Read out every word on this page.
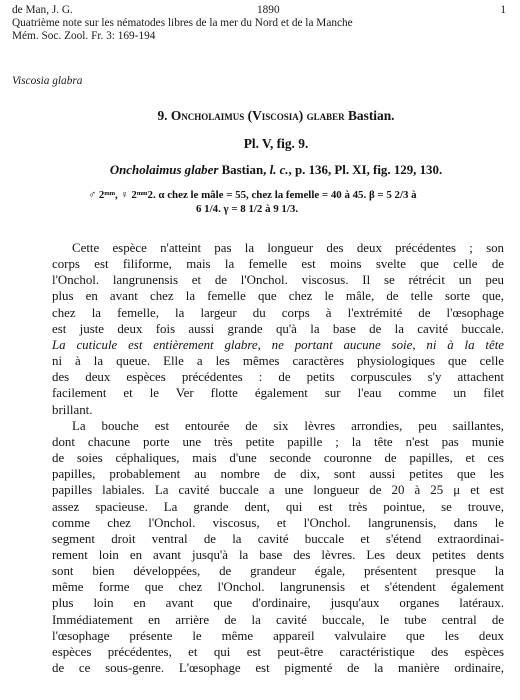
de Man, J. G.	1890	1
Quatrième note sur les nématodes libres de la mer du Nord et de la Manche
Mém. Soc. Zool. Fr. 3: 169-194
Viscosia glabra
9. Oncholaimus (Viscosia) glaber Bastian.
Pl. V, fig. 9.
Oncholaimus glaber Bastian, l. c., p. 136, Pl. XI, fig. 129, 130.
♂ 2ᵐᵐ, ♀ 2ᵐᵐ2. α chez le mâle = 55, chez la femelle = 40 à 45. β = 5 2/3 à
6 1/4. γ = 8 1/2 à 9 1/3.

Cette espèce n'atteint pas la longueur des deux précédentes ; son
corps est filiforme, mais la femelle est moins svelte que celle de
l'Onchol. langrunensis et de l'Onchol. viscosus. Il se rétrécit un peu
plus en avant chez la femelle que chez le mâle, de telle sorte que,
chez la femelle, la largeur du corps à l'extrémité de l'œsophage
est juste deux fois aussi grande qu'à la base de la cavité buccale.
La cuticule est entièrement glabre, ne portant aucune soie, ni à la tête
ni à la queue. Elle a les mêmes caractères physiologiques que celle
des deux espèces précédentes : de petits corpuscules s'y attachent
facilement et le Ver flotte également sur l'eau comme un filet
brillant.

La bouche est entourée de six lèvres arrondies, peu saillantes,
dont chacune porte une très petite papille ; la tête n'est pas munie
de soies céphaliques, mais d'une seconde couronne de papilles, et ces
papilles, probablement au nombre de dix, sont aussi petites que les
papilles labiales. La cavité buccale a une longueur de 20 à 25 μ et est
assez spacieuse. La grande dent, qui est très pointue, se trouve,
comme chez l'Onchol. viscosus, et l'Onchol. langrunensis, dans le
segment droit ventral de la cavité buccale et s'étend extraordinai-
rement loin en avant jusqu'à la base des lèvres. Les deux petites dents
sont bien développées, de grandeur égale, présentent presque la
même forme que chez l'Onchol. langrunensis et s'étendent également
plus loin en avant que d'ordinaire, jusqu'aux organes latéraux.
Immédiatement en arrière de la cavité buccale, le tube central de
l'œsophage présente le même appareil valvulaire que les deux
espèces précédentes, et qui est peut-être caractéristique des espèces
de ce sous-genre. L'œsophage est pigmenté de la manière ordinaire,
